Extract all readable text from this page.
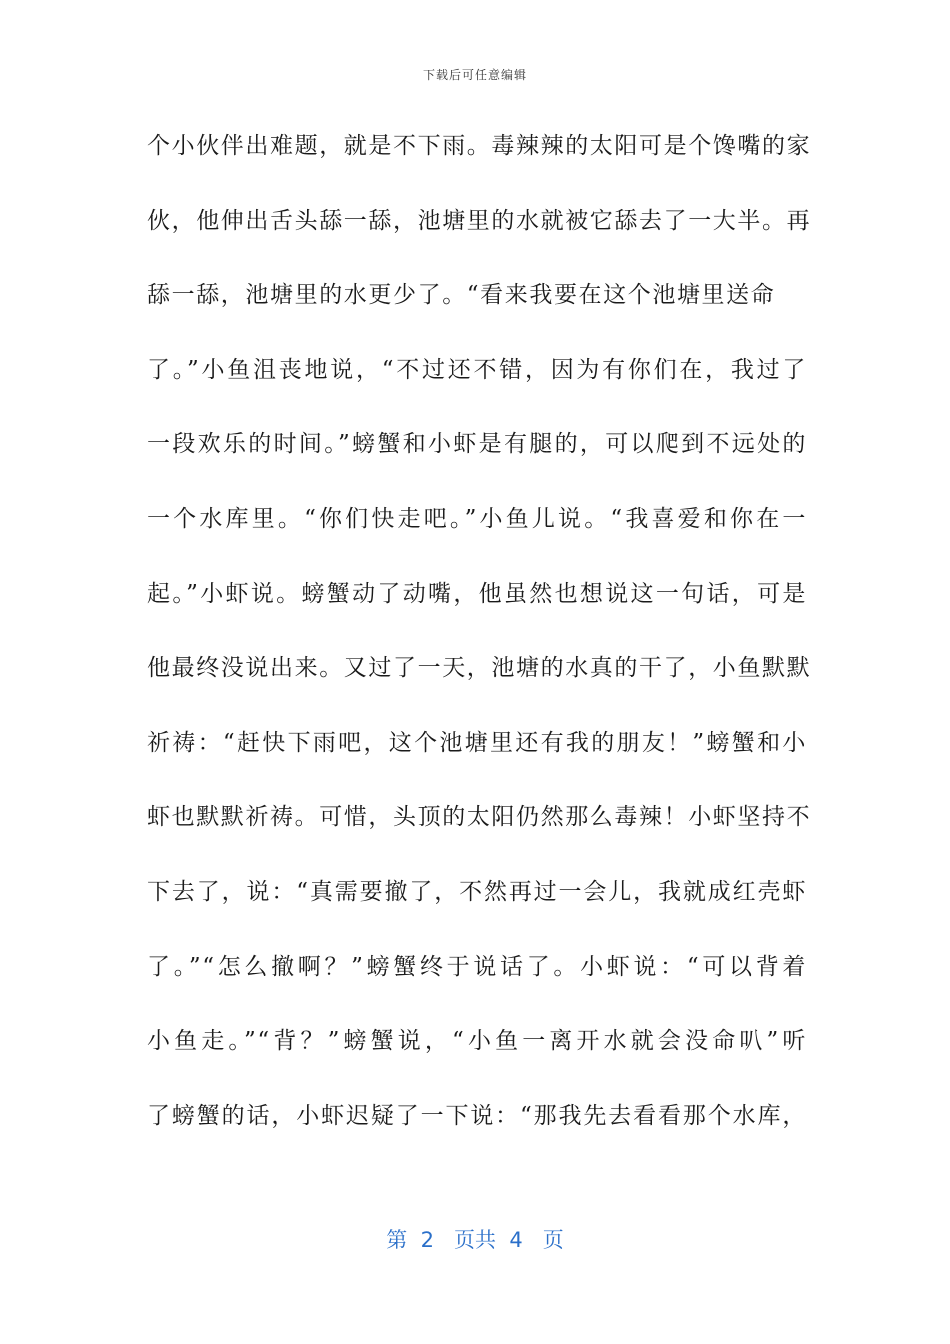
下载后可任意编辑
个小伙伴出难题，就是不下雨。毒辣辣的太阳可是个馋嘴的家
伙，他伸出舌头舔一舔，池塘里的水就被它舔去了一大半。再
舔一舔，池塘里的水更少了。“看来我要在这个池塘里送命
了。”小鱼沮丧地说，“不过还不错，因为有你们在，我过了
一段欢乐的时间。”螃蟹和小虾是有腿的，可以爬到不远处的
一个水库里。“你们快走吧。”小鱼儿说。“我喜爱和你在一
起。”小虾说。螃蟹动了动嘴，他虽然也想说这一句话，可是
他最终没说出来。又过了一天，池塘的水真的干了，小鱼默默
祈祷：“赶快下雨吧，这个池塘里还有我的朋友！”螃蟹和小
虾也默默祈祷。可惜，头顶的太阳仍然那么毒辣！小虾坚持不
下去了，说：“真需要撤了，不然再过一会儿，我就成红壳虾
了。”“怎么撤啊？”螃蟹终于说话了。小虾说：“可以背着
小鱼走。”“背？”螃蟹说，“小鱼一离开水就会没命叭”听
了螃蟹的话，小虾迟疑了一下说：“那我先去看看那个水库，
第 2 页共 4 页
